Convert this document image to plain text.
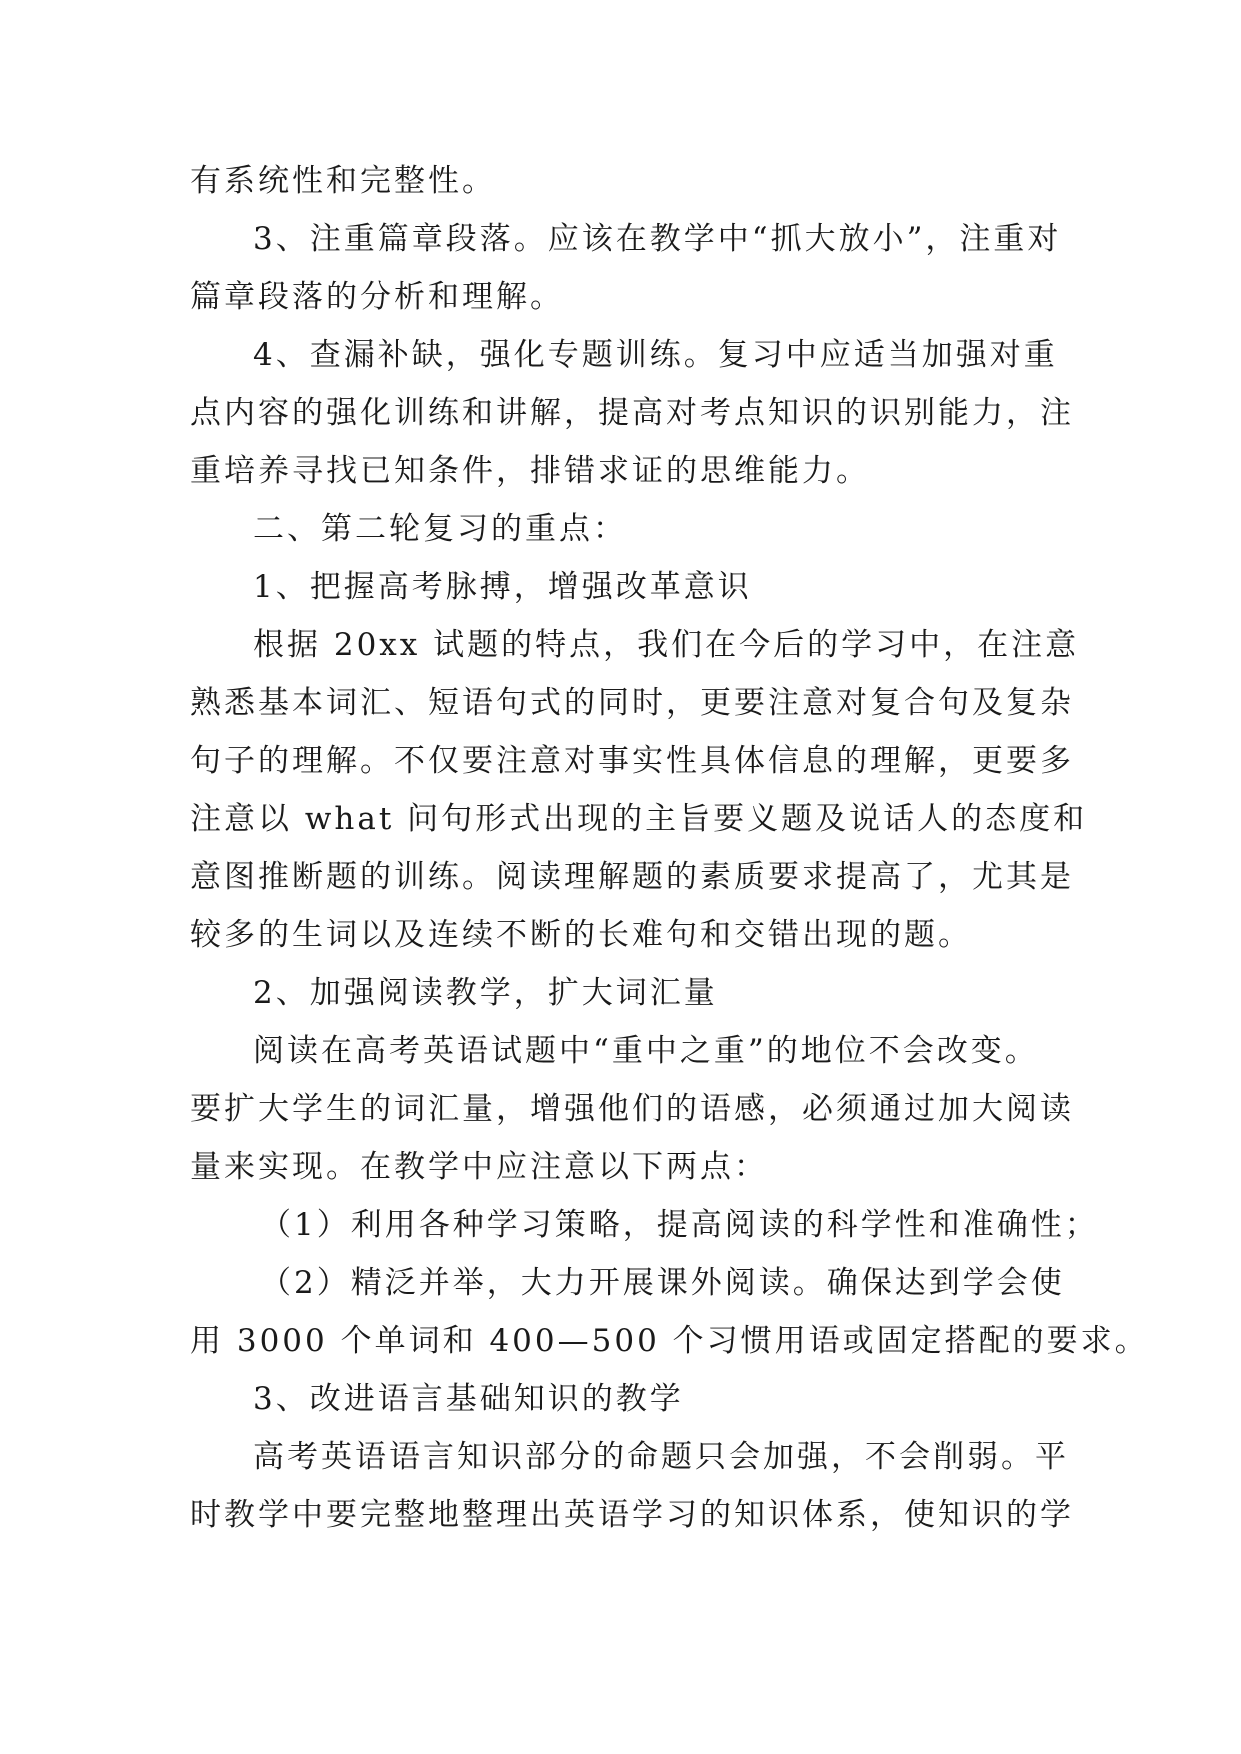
有系统性和完整性。
3、注重篇章段落。应该在教学中“抓大放小”，注重对
篇章段落的分析和理解。
4、查漏补缺，强化专题训练。复习中应适当加强对重
点内容的强化训练和讲解，提高对考点知识的识别能力，注
重培养寻找已知条件，排错求证的思维能力。
二、第二轮复习的重点：
1、把握高考脉搏，增强改革意识
根据 20xx 试题的特点，我们在今后的学习中，在注意
熟悉基本词汇、短语句式的同时，更要注意对复合句及复杂
句子的理解。不仅要注意对事实性具体信息的理解，更要多
注意以 what 问句形式出现的主旨要义题及说话人的态度和
意图推断题的训练。阅读理解题的素质要求提高了，尤其是
较多的生词以及连续不断的长难句和交错出现的题。
2、加强阅读教学，扩大词汇量
阅读在高考英语试题中“重中之重”的地位不会改变。
要扩大学生的词汇量，增强他们的语感，必须通过加大阅读
量来实现。在教学中应注意以下两点：
（1）利用各种学习策略，提高阅读的科学性和准确性；
（2）精泛并举，大力开展课外阅读。确保达到学会使
用 3000 个单词和 400—500 个习惯用语或固定搭配的要求。
3、改进语言基础知识的教学
高考英语语言知识部分的命题只会加强，不会削弱。平
时教学中要完整地整理出英语学习的知识体系，使知识的学
